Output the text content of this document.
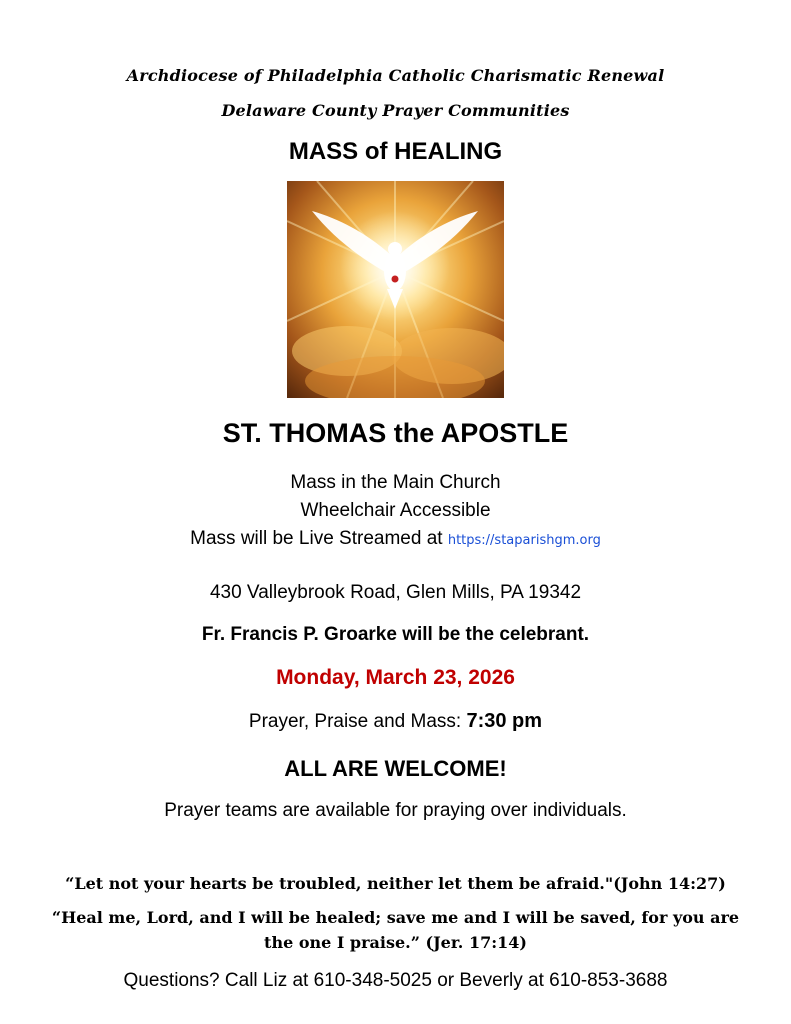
Archdiocese of Philadelphia Catholic Charismatic Renewal
Delaware County Prayer Communities
MASS of HEALING
ST. THOMAS the APOSTLE
Mass in the Main Church
Wheelchair Accessible
Mass will be Live Streamed at https://staparishgm.org
430 Valleybrook Road, Glen Mills, PA 19342
Fr. Francis P. Groarke will be the celebrant.
Monday, March 23, 2026
Prayer, Praise and Mass: 7:30 pm
ALL ARE WELCOME!
Prayer teams are available for praying over individuals.
“Let not your hearts be troubled, neither let them be afraid."(John 14:27)
“Heal me, Lord, and I will be healed; save me and I will be saved, for you are
the one I praise.” (Jer. 17:14)
Questions? Call Liz at 610-348-5025 or Beverly at 610-853-3688
